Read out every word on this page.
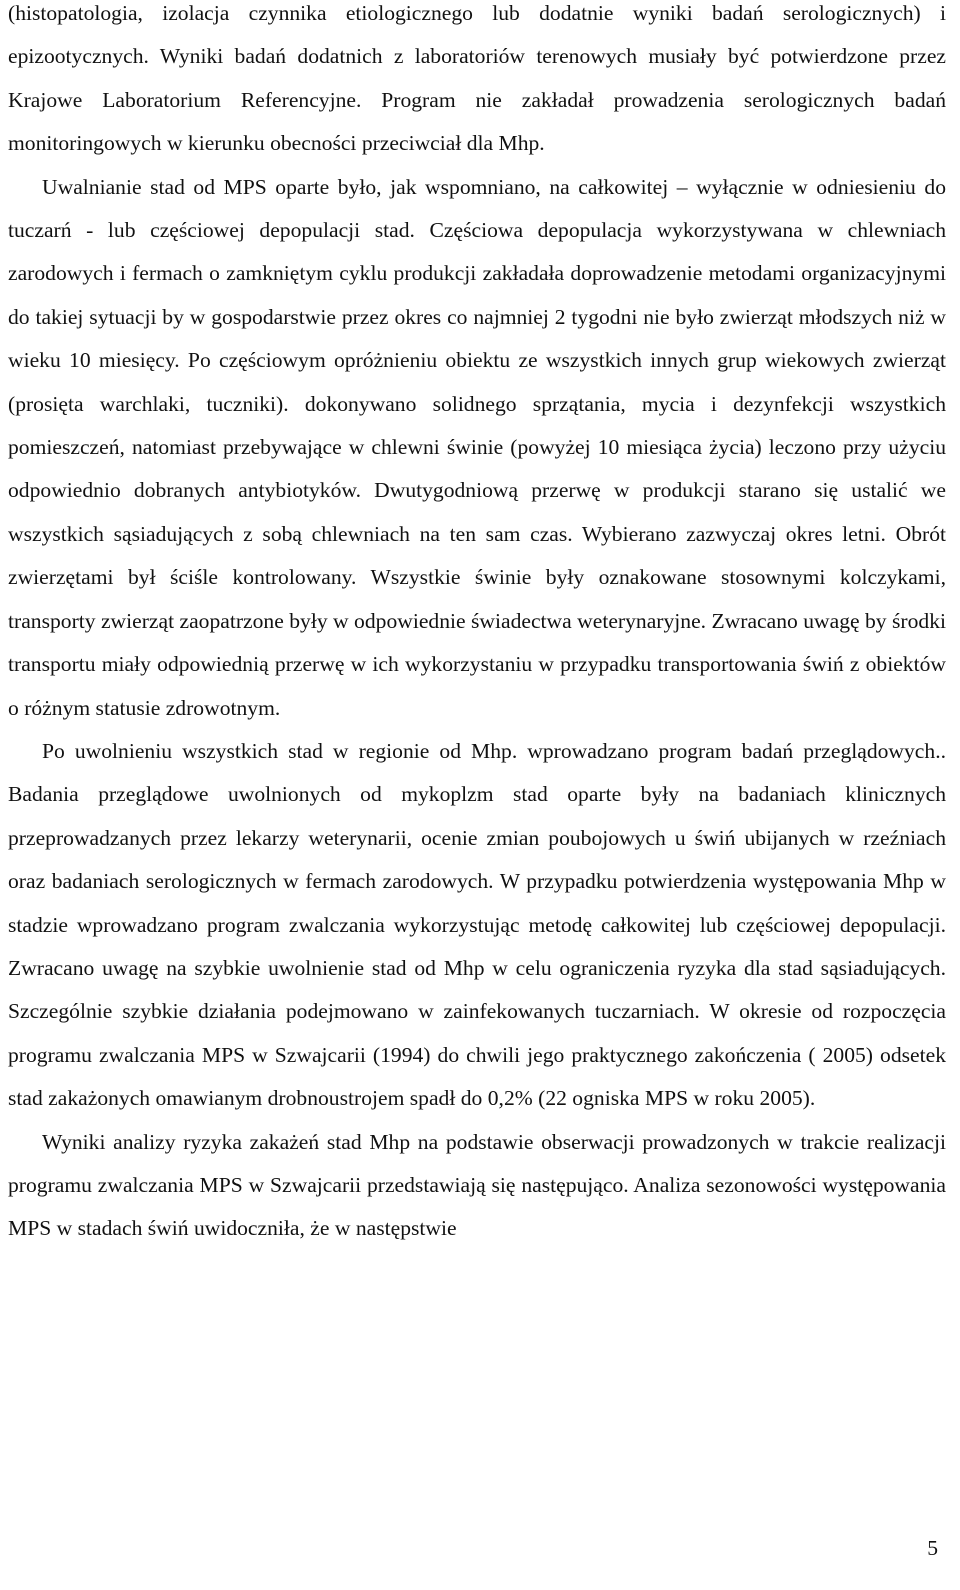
(histopatologia, izolacja czynnika etiologicznego lub dodatnie wyniki badań serologicznych) i epizootycznych. Wyniki badań dodatnich z laboratoriów terenowych musiały być potwierdzone przez Krajowe Laboratorium Referencyjne. Program nie zakładał prowadzenia serologicznych badań monitoringowych w kierunku obecności przeciwciał dla Mhp.

Uwalnianie stad od MPS oparte było, jak wspomniano, na całkowitej – wyłącznie w odniesieniu do tuczarń - lub częściowej depopulacji stad. Częściowa depopulacja wykorzystywana w chlewniach zarodowych i fermach o zamkniętym cyklu produkcji zakładała doprowadzenie metodami organizacyjnymi do takiej sytuacji by w gospodarstwie przez okres co najmniej 2 tygodni nie było zwierząt młodszych niż w wieku 10 miesięcy. Po częściowym opróżnieniu obiektu ze wszystkich innych grup wiekowych zwierząt (prosięta warchlaki, tuczniki). dokonywano solidnego sprzątania, mycia i dezynfekcji wszystkich pomieszczeń, natomiast przebywające w chlewni świnie (powyżej 10 miesiąca życia) leczono przy użyciu odpowiednio dobranych antybiotyków. Dwutygodniową przerwę w produkcji starano się ustalić we wszystkich sąsiadujących z sobą chlewniach na ten sam czas. Wybierano zazwyczaj okres letni. Obrót zwierzętami był ściśle kontrolowany. Wszystkie świnie były oznakowane stosownymi kolczykami, transporty zwierząt zaopatrzone były w odpowiednie świadectwa weterynaryjne. Zwracano uwagę by środki transportu miały odpowiednią przerwę w ich wykorzystaniu w przypadku transportowania świń z obiektów o różnym statusie zdrowotnym.

Po uwolnieniu wszystkich stad w regionie od Mhp. wprowadzano program badań przeglądowych.. Badania przeglądowe uwolnionych od mykoplzm stad oparte były na badaniach klinicznych przeprowadzanych przez lekarzy weterynarii, ocenie zmian poubojowych u świń ubijanych w rzeźniach oraz badaniach serologicznych w fermach zarodowych. W przypadku potwierdzenia występowania Mhp w stadzie wprowadzano program zwalczania wykorzystując metodę całkowitej lub częściowej depopulacji. Zwracano uwagę na szybkie uwolnienie stad od Mhp w celu ograniczenia ryzyka dla stad sąsiadujących. Szczególnie szybkie działania podejmowano w zainfekowanych tuczarniach. W okresie od rozpoczęcia programu zwalczania MPS w Szwajcarii (1994) do chwili jego praktycznego zakończenia ( 2005) odsetek stad zakażonych omawianym drobnoustrojem spadł do 0,2% (22 ogniska MPS w roku 2005).

Wyniki analizy ryzyka zakażeń stad Mhp na podstawie obserwacji prowadzonych w trakcie realizacji programu zwalczania MPS w Szwajcarii przedstawiają się następująco. Analiza sezonowości występowania MPS w stadach świń uwidoczniła, że w następstwie

5
